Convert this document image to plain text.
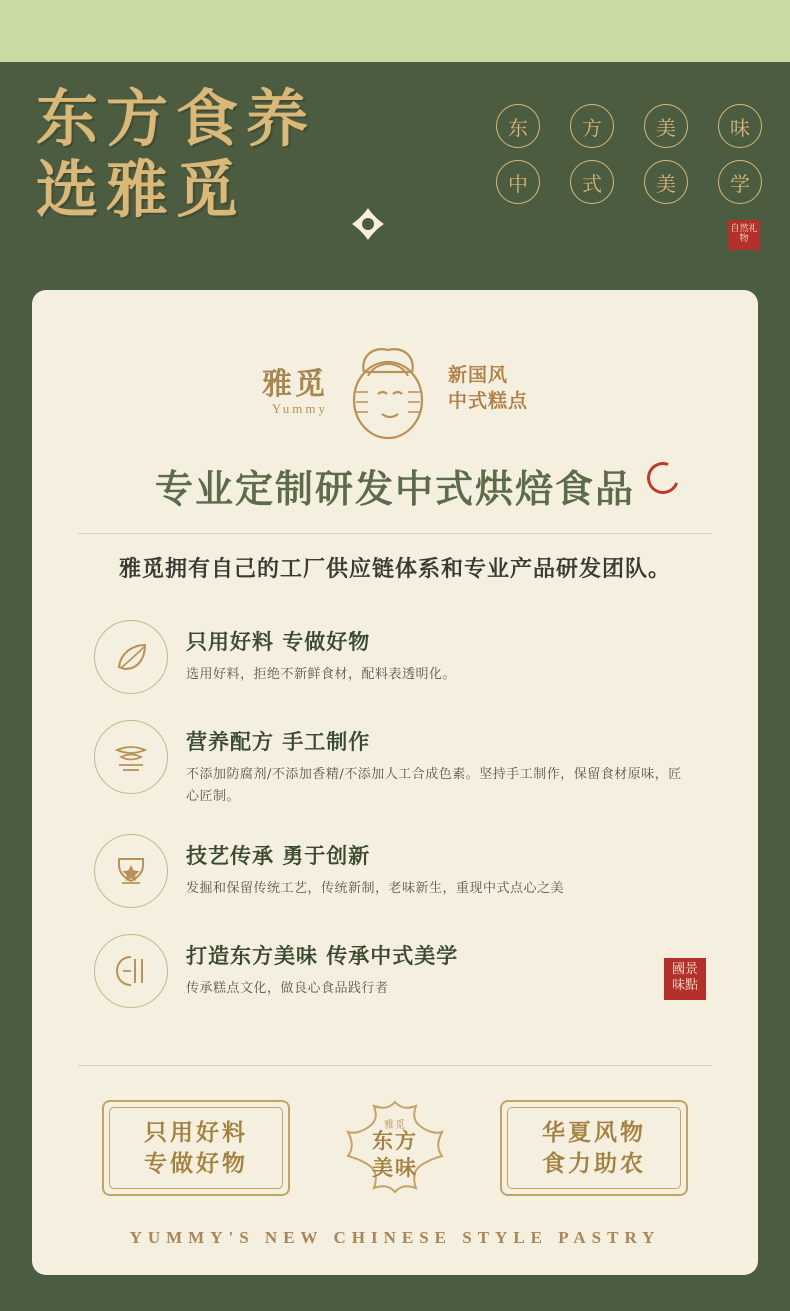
东方食养
选雅觅
东	方	美	味
中	式	美	学
自然礼物
雅觅
Yummy
新国风
中式糕点
专业定制研发中式烘焙食品
雅觅拥有自己的工厂供应链体系和专业产品研发团队。
只用好料 专做好物
选用好料，拒绝不新鲜食材，配料表透明化。
营养配方 手工制作
不添加防腐剂/不添加香精/不添加人工合成色素。坚持手工制作，保留食材原味，匠心匠制。
技艺传承 勇于创新
发掘和保留传统工艺，传统新制，老味新生，重现中式点心之美
打造东方美味 传承中式美学
传承糕点文化，做良心食品践行者
國景味點
只用好料
专做好物
雅觅
东方
美味
华夏风物
食力助农
YUMMY'S NEW CHINESE STYLE PASTRY
